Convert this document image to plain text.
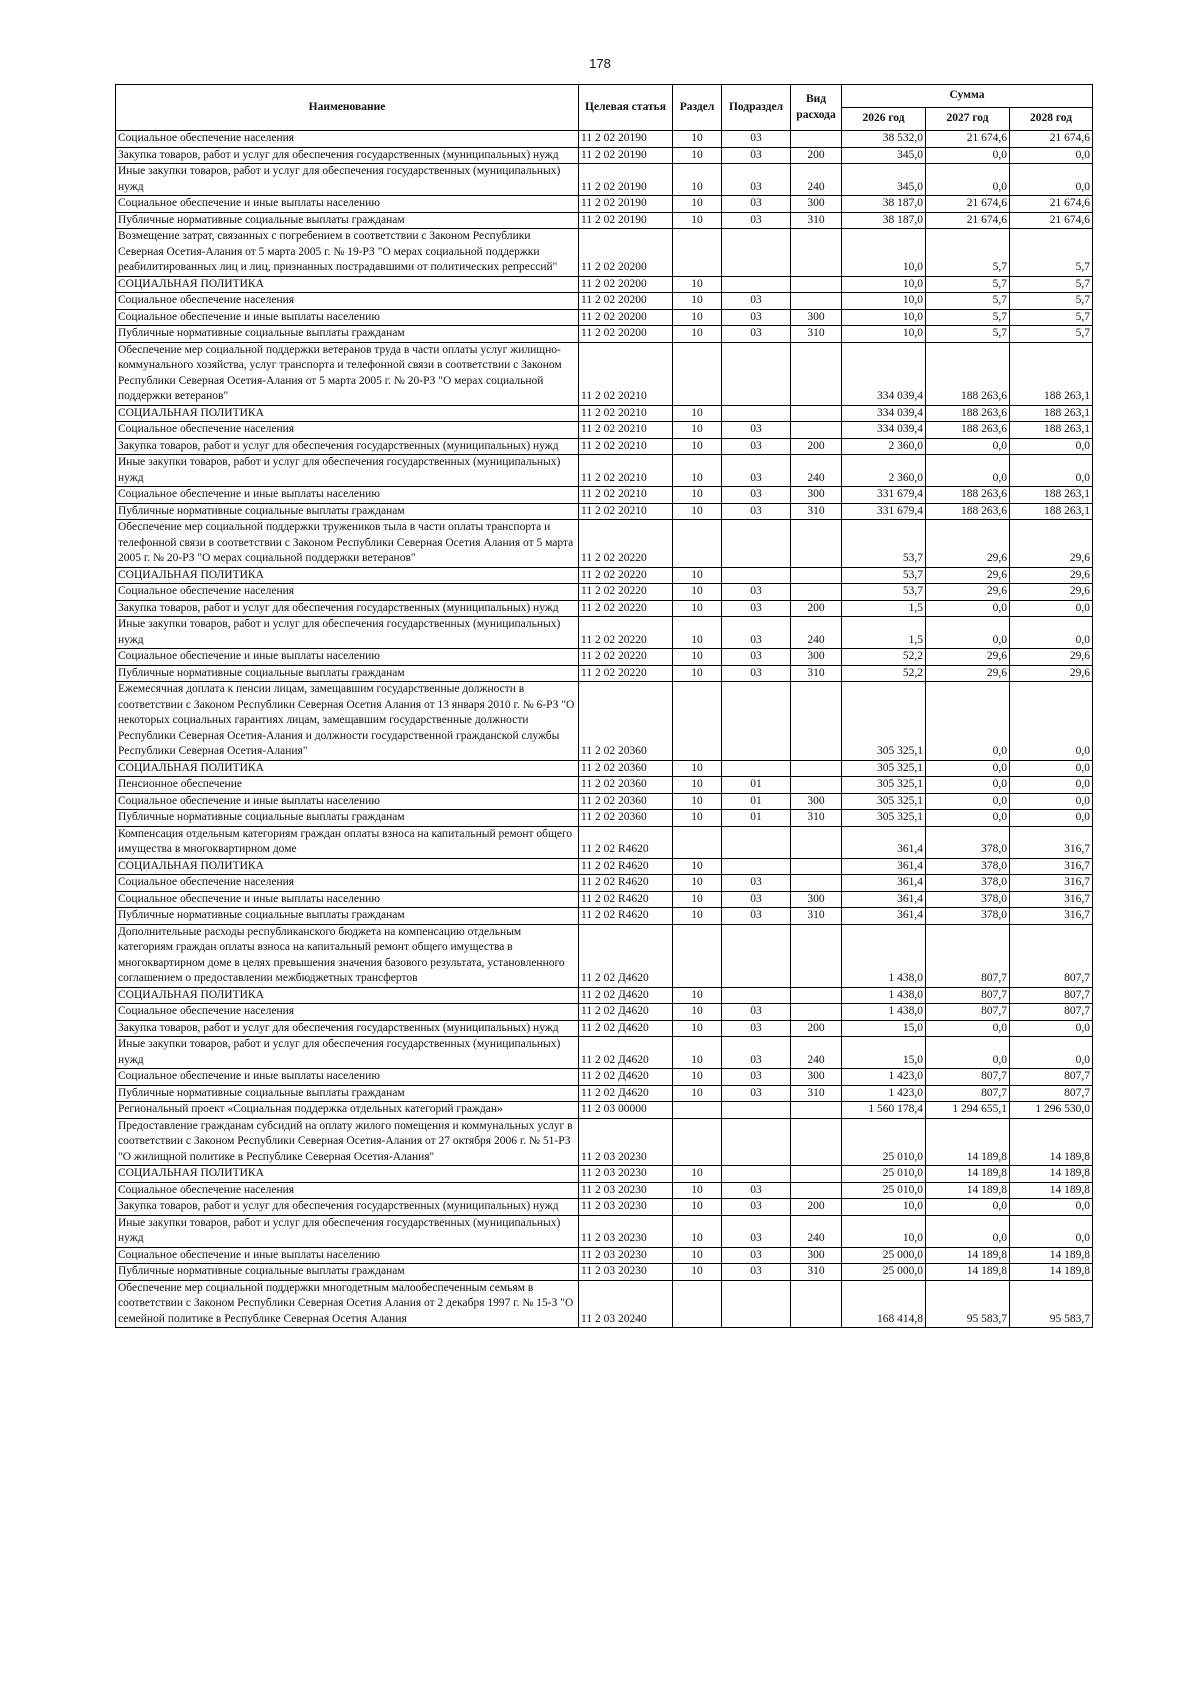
178
Наименование	Целевая статья	Раздел	Подраздел	Вид расхода	Сумма		
					2026 год	2027 год	2028 год
Социальное обеспечение населения	11 2 02 20190	10	03		38 532,0	21 674,6	21 674,6
Закупка товаров, работ и услуг для обеспечения государственных (муниципальных) нужд	11 2 02 20190	10	03	200	345,0	0,0	0,0
Иные закупки товаров, работ и услуг для обеспечения государственных (муниципальных) нужд	11 2 02 20190	10	03	240	345,0	0,0	0,0
Социальное обеспечение и иные выплаты населению	11 2 02 20190	10	03	300	38 187,0	21 674,6	21 674,6
Публичные нормативные социальные выплаты гражданам	11 2 02 20190	10	03	310	38 187,0	21 674,6	21 674,6
Возмещение затрат, связанных с погребением в соответствии с Законом Республики Северная Осетия-Алания от 5 марта 2005 г. № 19-РЗ "О мерах социальной поддержки реабилитированных лиц и лиц, признанных пострадавшими от политических репрессий"	11 2 02 20200				10,0	5,7	5,7
СОЦИАЛЬНАЯ ПОЛИТИКА	11 2 02 20200	10			10,0	5,7	5,7
Социальное обеспечение населения	11 2 02 20200	10	03		10,0	5,7	5,7
Социальное обеспечение и иные выплаты населению	11 2 02 20200	10	03	300	10,0	5,7	5,7
Публичные нормативные социальные выплаты гражданам	11 2 02 20200	10	03	310	10,0	5,7	5,7
Обеспечение мер социальной поддержки ветеранов труда в части оплаты услуг жилищно-коммунального хозяйства, услуг транспорта и телефонной связи в соответствии с Законом Республики Северная Осетия-Алания от 5 марта 2005 г. № 20-РЗ "О мерах социальной поддержки ветеранов"	11 2 02 20210				334 039,4	188 263,6	188 263,1
СОЦИАЛЬНАЯ ПОЛИТИКА	11 2 02 20210	10			334 039,4	188 263,6	188 263,1
Социальное обеспечение населения	11 2 02 20210	10	03		334 039,4	188 263,6	188 263,1
Закупка товаров, работ и услуг для обеспечения государственных (муниципальных) нужд	11 2 02 20210	10	03	200	2 360,0	0,0	0,0
Иные закупки товаров, работ и услуг для обеспечения государственных (муниципальных) нужд	11 2 02 20210	10	03	240	2 360,0	0,0	0,0
Социальное обеспечение и иные выплаты населению	11 2 02 20210	10	03	300	331 679,4	188 263,6	188 263,1
Публичные нормативные социальные выплаты гражданам	11 2 02 20210	10	03	310	331 679,4	188 263,6	188 263,1
Обеспечение мер социальной поддержки тружеников тыла в части оплаты транспорта и телефонной связи в соответствии с Законом Республики Северная Осетия Алания от 5 марта 2005 г. № 20-РЗ "О мерах социальной поддержки ветеранов"	11 2 02 20220				53,7	29,6	29,6
СОЦИАЛЬНАЯ ПОЛИТИКА	11 2 02 20220	10			53,7	29,6	29,6
Социальное обеспечение населения	11 2 02 20220	10	03		53,7	29,6	29,6
Закупка товаров, работ и услуг для обеспечения государственных (муниципальных) нужд	11 2 02 20220	10	03	200	1,5	0,0	0,0
Иные закупки товаров, работ и услуг для обеспечения государственных (муниципальных) нужд	11 2 02 20220	10	03	240	1,5	0,0	0,0
Социальное обеспечение и иные выплаты населению	11 2 02 20220	10	03	300	52,2	29,6	29,6
Публичные нормативные социальные выплаты гражданам	11 2 02 20220	10	03	310	52,2	29,6	29,6
Ежемесячная доплата к пенсии лицам, замещавшим государственные должности в соответствии с Законом Республики Северная Осетия Алания от 13 января 2010 г. № 6-РЗ "О некоторых социальных гарантиях лицам, замещавшим государственные должности Республики Северная Осетия-Алания и должности государственной гражданской службы Республики Северная Осетия-Алания"	11 2 02 20360				305 325,1	0,0	0,0
СОЦИАЛЬНАЯ ПОЛИТИКА	11 2 02 20360	10			305 325,1	0,0	0,0
Пенсионное обеспечение	11 2 02 20360	10	01		305 325,1	0,0	0,0
Социальное обеспечение и иные выплаты населению	11 2 02 20360	10	01	300	305 325,1	0,0	0,0
Публичные нормативные социальные выплаты гражданам	11 2 02 20360	10	01	310	305 325,1	0,0	0,0
Компенсация отдельным категориям граждан оплаты взноса на капитальный ремонт общего имущества в многоквартирном доме	11 2 02 R4620				361,4	378,0	316,7
СОЦИАЛЬНАЯ ПОЛИТИКА	11 2 02 R4620	10			361,4	378,0	316,7
Социальное обеспечение населения	11 2 02 R4620	10	03		361,4	378,0	316,7
Социальное обеспечение и иные выплаты населению	11 2 02 R4620	10	03	300	361,4	378,0	316,7
Публичные нормативные социальные выплаты гражданам	11 2 02 R4620	10	03	310	361,4	378,0	316,7
Дополнительные расходы республиканского бюджета на компенсацию отдельным категориям граждан оплаты взноса на капитальный ремонт общего имущества в многоквартирном доме в целях превышения значения базового результата, установленного соглашением о предоставлении межбюджетных трансфертов	11 2 02 Д4620				1 438,0	807,7	807,7
СОЦИАЛЬНАЯ ПОЛИТИКА	11 2 02 Д4620	10			1 438,0	807,7	807,7
Социальное обеспечение населения	11 2 02 Д4620	10	03		1 438,0	807,7	807,7
Закупка товаров, работ и услуг для обеспечения государственных (муниципальных) нужд	11 2 02 Д4620	10	03	200	15,0	0,0	0,0
Иные закупки товаров, работ и услуг для обеспечения государственных (муниципальных) нужд	11 2 02 Д4620	10	03	240	15,0	0,0	0,0
Социальное обеспечение и иные выплаты населению	11 2 02 Д4620	10	03	300	1 423,0	807,7	807,7
Публичные нормативные социальные выплаты гражданам	11 2 02 Д4620	10	03	310	1 423,0	807,7	807,7
Региональный проект «Социальная поддержка отдельных категорий граждан»	11 2 03 00000				1 560 178,4	1 294 655,1	1 296 530,0
Предоставление гражданам субсидий на оплату жилого помещения и коммунальных услуг в соответствии с Законом Республики Северная Осетия-Алания от 27 октября 2006 г. № 51-РЗ "О жилищной политике в Республике Северная Осетия-Алания"	11 2 03 20230				25 010,0	14 189,8	14 189,8
СОЦИАЛЬНАЯ ПОЛИТИКА	11 2 03 20230	10			25 010,0	14 189,8	14 189,8
Социальное обеспечение населения	11 2 03 20230	10	03		25 010,0	14 189,8	14 189,8
Закупка товаров, работ и услуг для обеспечения государственных (муниципальных) нужд	11 2 03 20230	10	03	200	10,0	0,0	0,0
Иные закупки товаров, работ и услуг для обеспечения государственных (муниципальных) нужд	11 2 03 20230	10	03	240	10,0	0,0	0,0
Социальное обеспечение и иные выплаты населению	11 2 03 20230	10	03	300	25 000,0	14 189,8	14 189,8
Публичные нормативные социальные выплаты гражданам	11 2 03 20230	10	03	310	25 000,0	14 189,8	14 189,8
Обеспечение мер социальной поддержки многодетным малообеспеченным семьям в соответствии с Законом Республики Северная Осетия Алания от 2 декабря 1997 г. № 15-З "О семейной политике в Республике Северная Осетия Алания	11 2 03 20240				168 414,8	95 583,7	95 583,7
